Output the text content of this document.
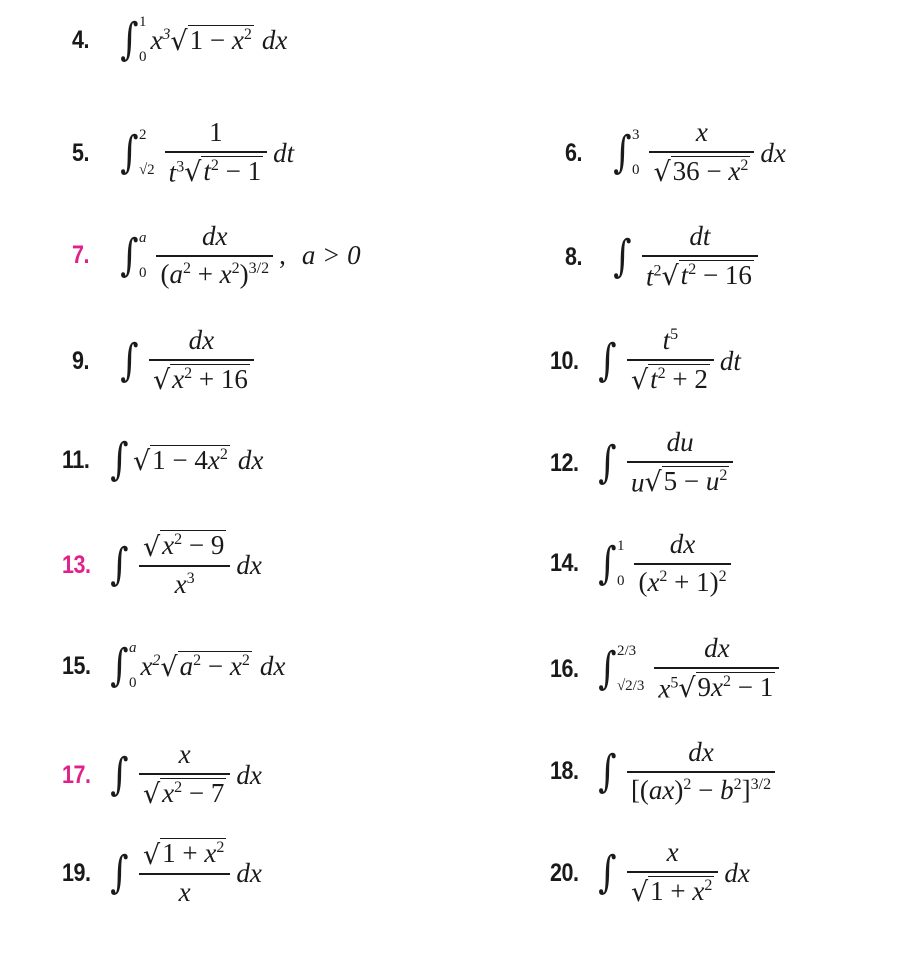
4. ∫ 1
0
$x^3$ √ $1 - x^2$ dx
5. ∫ 2
$√2 \frac{1}{t^3 √ t^2 - 1}$ dt	6. ∫ 3
$0 \frac{x}{√ 36 - x^2}$ dx
7. ∫ a
$0 \frac{dx}{(a^2 + x^2)^{3/2}}$ , a > 0	8. ∫ $\frac{dt}{t^2 √ t^2 - 16}$
9. ∫ $\frac{dx}{√ x^2 + 16}$	10. ∫ $\frac{t^5}{√ t^2 + 2}$ dt
11. ∫ √ $1 - 4x^2$ dx	12. ∫ $\frac{du}{u √ 5 - u^2}$
13. ∫ $\frac{√ x^2 - 9}{x^3}$ dx	14. ∫ 1
$0 \frac{dx}{(x^2 + 1)^2}$
15. ∫ a
0
$x^2$ √ $a^2 - x^2$ dx	16. ∫ 2/3
$√2/3 \frac{dx}{x^5 √ 9x^2 - 1}$
17. ∫ $\frac{x}{√ x^2 - 7}$ dx	18. ∫ $\frac{dx}{[(ax)^2 - b^2]^{3/2}}$
19. ∫ $\frac{√ 1 + x^2}{x}$ dx	20. ∫ $\frac{x}{√ 1 + x^2}$ dx
